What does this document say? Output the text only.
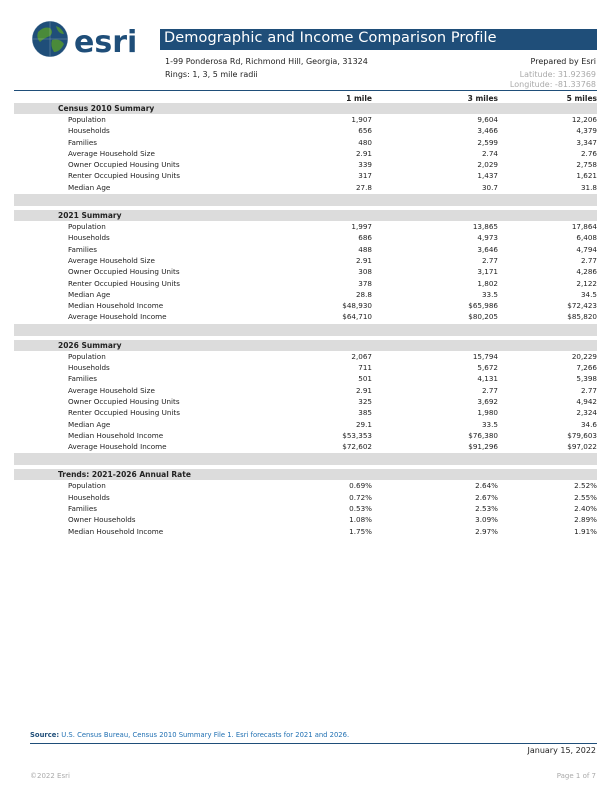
esri Demographic and Income Comparison Profile
1-99 Ponderosa Rd, Richmond Hill, Georgia, 31324
Rings: 1, 3, 5 mile radii
Prepared by Esri
Latitude: 31.92369
Longitude: -81.33768
1 mile	3 miles	5 miles
Census 2010 Summary
Population	1,907	9,604	12,206
Households	656	3,466	4,379
Families	480	2,599	3,347
Average Household Size	2.91	2.74	2.76
Owner Occupied Housing Units	339	2,029	2,758
Renter Occupied Housing Units	317	1,437	1,621
Median Age	27.8	30.7	31.8
2021 Summary
Population	1,997	13,865	17,864
Households	686	4,973	6,408
Families	488	3,646	4,794
Average Household Size	2.91	2.77	2.77
Owner Occupied Housing Units	308	3,171	4,286
Renter Occupied Housing Units	378	1,802	2,122
Median Age	28.8	33.5	34.5
Median Household Income	$48,930	$65,986	$72,423
Average Household Income	$64,710	$80,205	$85,820
2026 Summary
Population	2,067	15,794	20,229
Households	711	5,672	7,266
Families	501	4,131	5,398
Average Household Size	2.91	2.77	2.77
Owner Occupied Housing Units	325	3,692	4,942
Renter Occupied Housing Units	385	1,980	2,324
Median Age	29.1	33.5	34.6
Median Household Income	$53,353	$76,380	$79,603
Average Household Income	$72,602	$91,296	$97,022
Trends: 2021-2026 Annual Rate
Population	0.69%	2.64%	2.52%
Households	0.72%	2.67%	2.55%
Families	0.53%	2.53%	2.40%
Owner Households	1.08%	3.09%	2.89%
Median Household Income	1.75%	2.97%	1.91%
Source: U.S. Census Bureau, Census 2010 Summary File 1. Esri forecasts for 2021 and 2026.
January 15, 2022
©2022 Esri	Page 1 of 7
